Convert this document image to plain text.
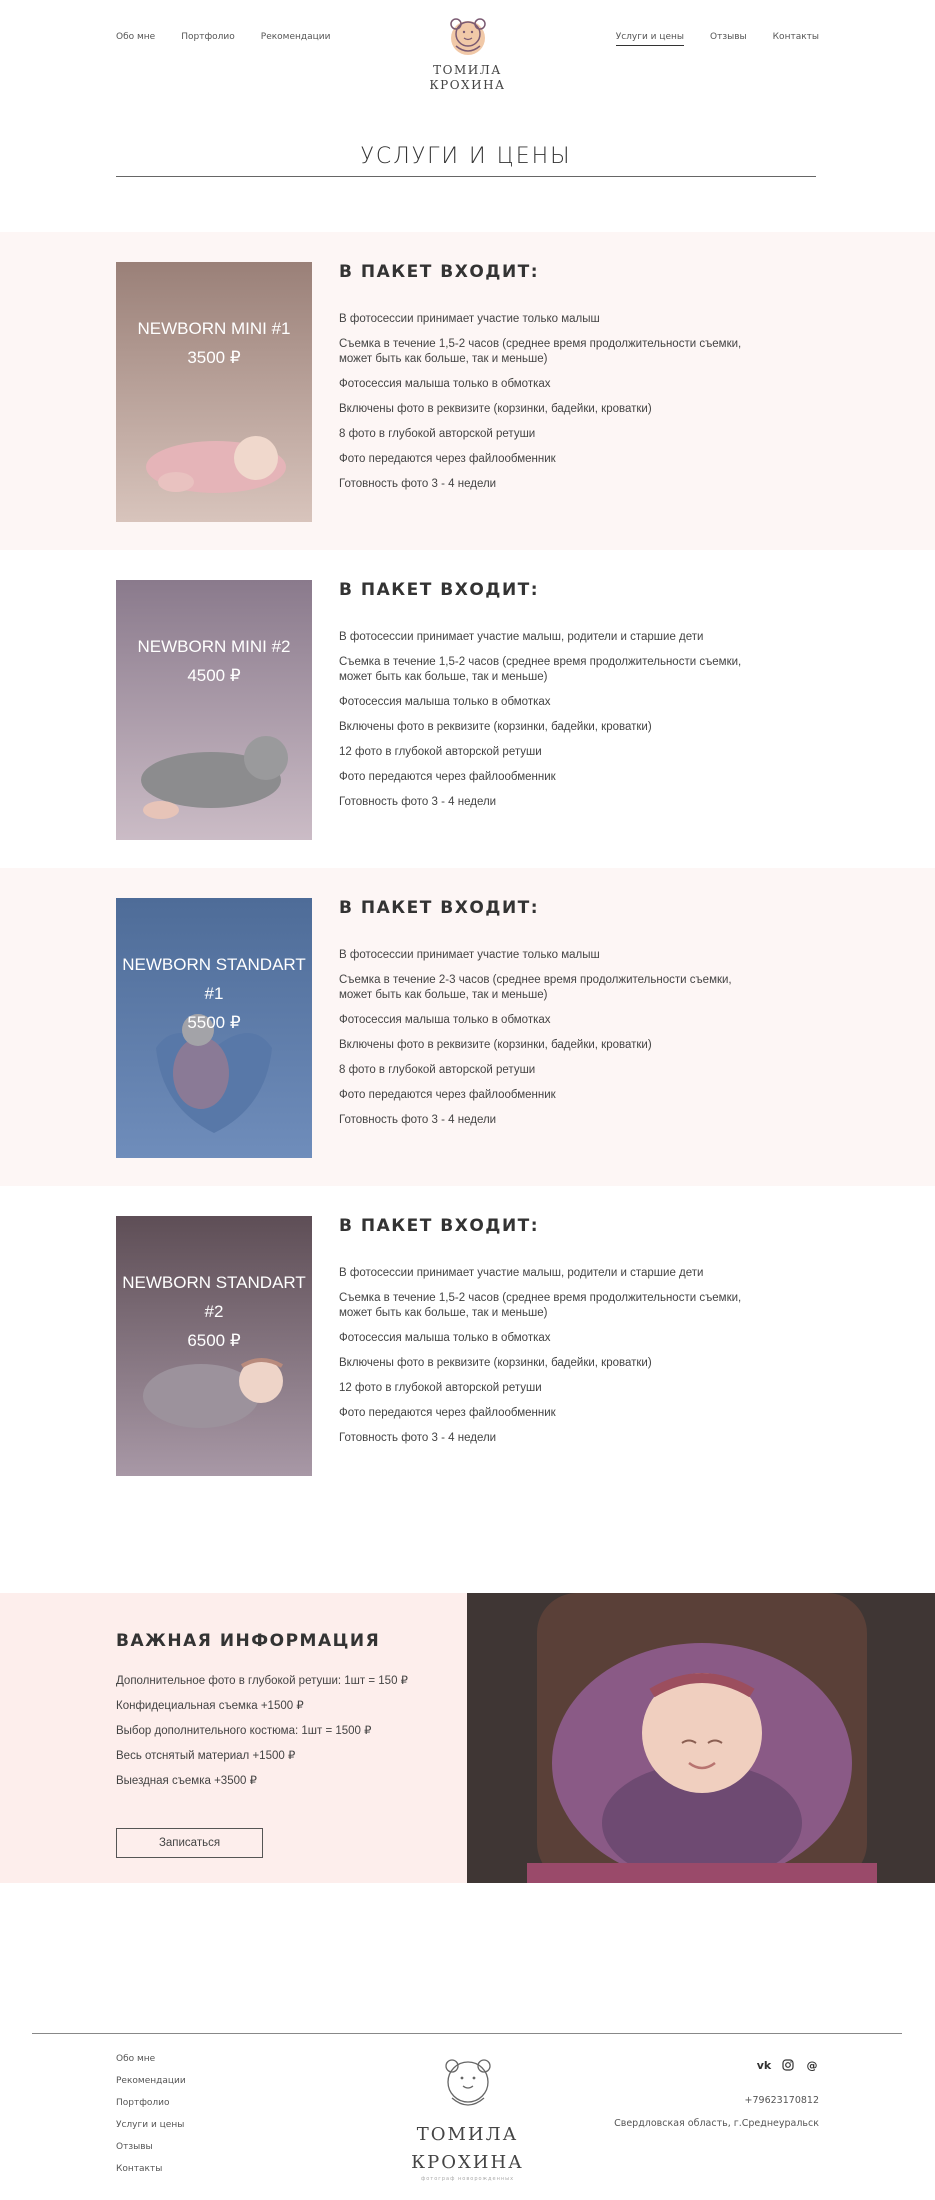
Обо мне	Портфолио	Рекомендации
ТОМИЛА
КРОХИНА
Услуги и цены	Отзывы	Контакты
УСЛУГИ И ЦЕНЫ
NEWBORN MINI #1
3500 ₽
В ПАКЕТ ВХОДИТ:
В фотосессии принимает участие только малыш
Съемка в течение 1,5-2 часов (среднее время продолжительности съемки, может быть как больше, так и меньше)
Фотосессия малыша только в обмотках
Включены фото в реквизите (корзинки, бадейки, кроватки)
8 фото в глубокой авторской ретуши
Фото передаются через файлообменник
Готовность фото 3 - 4 недели
NEWBORN MINI #2
4500 ₽
В ПАКЕТ ВХОДИТ:
В фотосессии принимает участие малыш, родители и старшие дети
Съемка в течение 1,5-2 часов (среднее время продолжительности съемки, может быть как больше, так и меньше)
Фотосессия малыша только в обмотках
Включены фото в реквизите (корзинки, бадейки, кроватки)
12 фото в глубокой авторской ретуши
Фото передаются через файлообменник
Готовность фото 3 - 4 недели
NEWBORN STANDART #1
5500 ₽
В ПАКЕТ ВХОДИТ:
В фотосессии принимает участие только малыш
Съемка в течение 2-3 часов (среднее время продолжительности съемки, может быть как больше, так и меньше)
Фотосессия малыша только в обмотках
Включены фото в реквизите (корзинки, бадейки, кроватки)
8 фото в глубокой авторской ретуши
Фото передаются через файлообменник
Готовность фото 3 - 4 недели
NEWBORN STANDART #2
6500 ₽
В ПАКЕТ ВХОДИТ:
В фотосессии принимает участие малыш, родители и старшие дети
Съемка в течение 1,5-2 часов (среднее время продолжительности съемки, может быть как больше, так и меньше)
Фотосессия малыша только в обмотках
Включены фото в реквизите (корзинки, бадейки, кроватки)
12 фото в глубокой авторской ретуши
Фото передаются через файлообменник
Готовность фото 3 - 4 недели
ВАЖНАЯ ИНФОРМАЦИЯ
Дополнительное фото в глубокой ретуши: 1шт = 150 ₽
Конфидециальная съемка +1500 ₽
Выбор дополнительного костюма: 1шт = 1500 ₽
Весь отснятый материал +1500 ₽
Выездная съемка +3500 ₽
Записаться
Обо мне
Рекомендации
Портфолио
Услуги и цены
Отзывы
Контакты
ТОМИЛА
КРОХИНА
фотограф новорожденных
vk	@
+79623170812
Свердловская область, г.Среднеуральск
